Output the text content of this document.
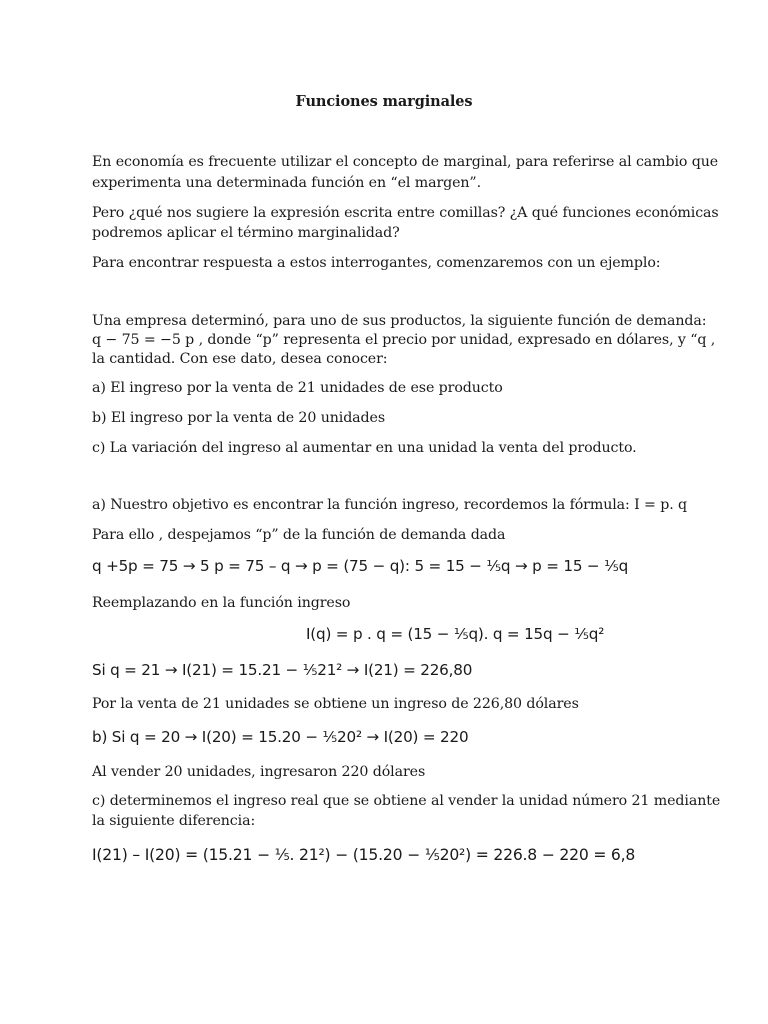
Funciones marginales
En economía es frecuente utilizar el concepto de marginal, para referirse al cambio que
experimenta una determinada función en “el margen”.
Pero ¿qué nos sugiere la expresión escrita entre comillas? ¿A qué funciones económicas
podremos aplicar el término marginalidad?
Para encontrar respuesta a estos interrogantes, comenzaremos con un ejemplo:
Una empresa determinó, para uno de sus productos, la siguiente función de demanda:
q − 75 = −5 p , donde “p” representa el precio por unidad, expresado en dólares, y “q ,
la cantidad. Con ese dato, desea conocer:
a) El ingreso por la venta de 21 unidades de ese producto
b) El ingreso por la venta de 20 unidades
c) La variación del ingreso al aumentar en una unidad la venta del producto.
a) Nuestro objetivo es encontrar la función ingreso, recordemos la fórmula: I = p. q
Para ello , despejamos “p” de la función de demanda dada
q +5p = 75 → 5 p = 75 – q → p = (75 − q): 5 = 15 − ⅕q → p = 15 − ⅕q
Reemplazando en la función ingreso
I(q) = p . q = (15 − ⅕q). q = 15q − ⅕q²
Si q = 21 → I(21) = 15.21 − ⅕21² → I(21) = 226,80
Por la venta de 21 unidades se obtiene un ingreso de 226,80 dólares
b) Si q = 20 → I(20) = 15.20 − ⅕20² → I(20) = 220
Al vender 20 unidades, ingresaron 220 dólares
c) determinemos el ingreso real que se obtiene al vender la unidad número 21 mediante
la siguiente diferencia:
I(21) – I(20) = (15.21 − ⅕. 21²) − (15.20 − ⅕20²) = 226.8 − 220 = 6,8
